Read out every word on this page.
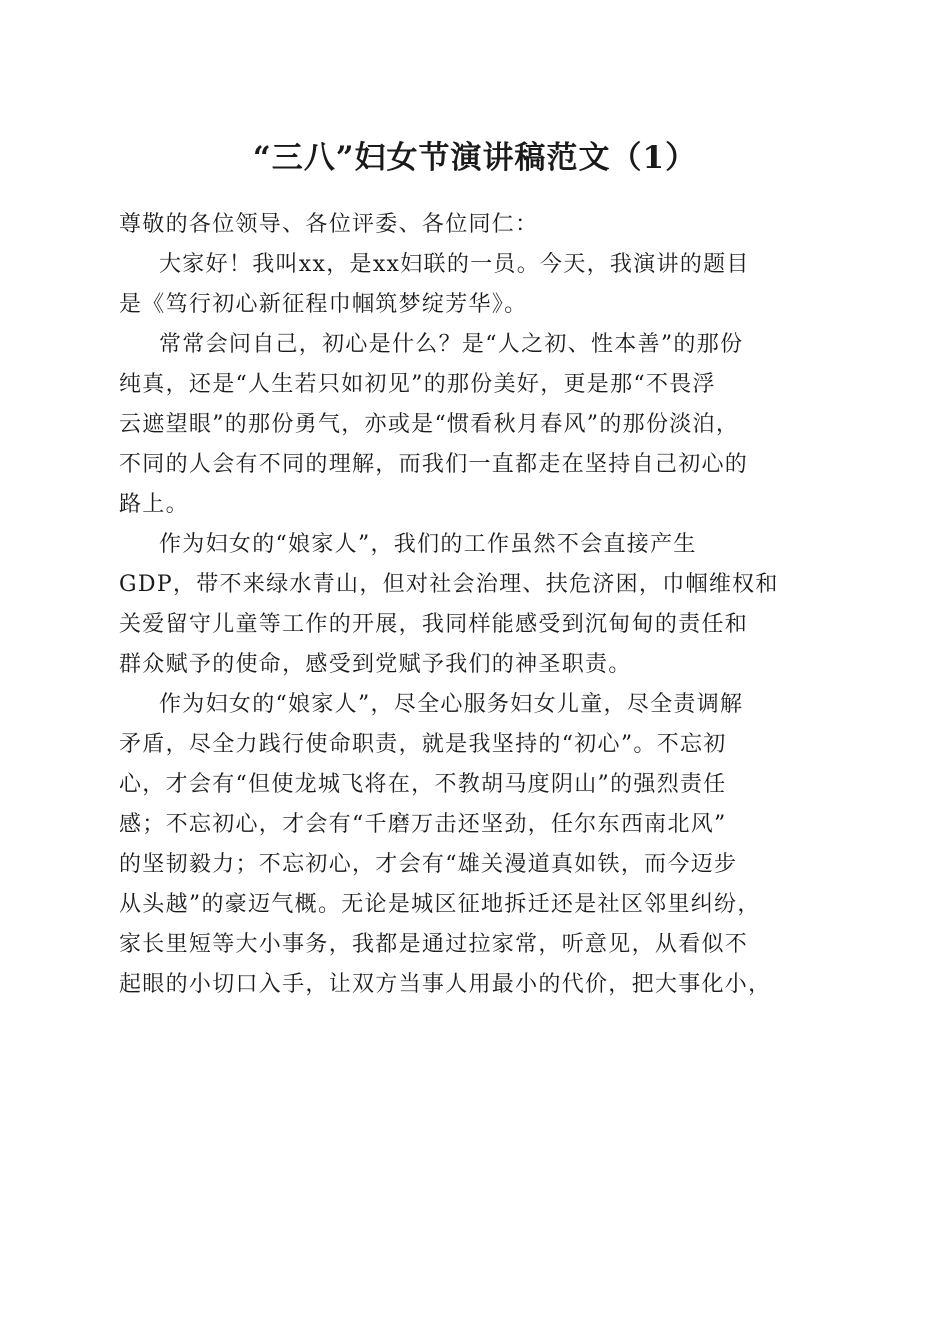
“三八”妇女节演讲稿范文（1）

尊敬的各位领导、各位评委、各位同仁：

大家好！我叫xx，是xx妇联的一员。今天，我演讲的题目
是《笃行初心新征程巾帼筑梦绽芳华》。
常常会问自己，初心是什么？是“人之初、性本善”的那份
纯真，还是“人生若只如初见”的那份美好，更是那“不畏浮
云遮望眼”的那份勇气，亦或是“惯看秋月春风”的那份淡泊，
不同的人会有不同的理解，而我们一直都走在坚持自己初心的
路上。
作为妇女的“娘家人”，我们的工作虽然不会直接产生
GDP，带不来绿水青山，但对社会治理、扶危济困，巾帼维权和
关爱留守儿童等工作的开展，我同样能感受到沉甸甸的责任和
群众赋予的使命，感受到党赋予我们的神圣职责。
作为妇女的“娘家人”，尽全心服务妇女儿童，尽全责调解
矛盾，尽全力践行使命职责，就是我坚持的“初心”。不忘初
心，才会有“但使龙城飞将在，不教胡马度阴山”的强烈责任
感；不忘初心，才会有“千磨万击还坚劲，任尔东西南北风”
的坚韧毅力；不忘初心，才会有“雄关漫道真如铁，而今迈步
从头越”的豪迈气概。无论是城区征地拆迁还是社区邻里纠纷，
家长里短等大小事务，我都是通过拉家常，听意见，从看似不
起眼的小切口入手，让双方当事人用最小的代价，把大事化小，
